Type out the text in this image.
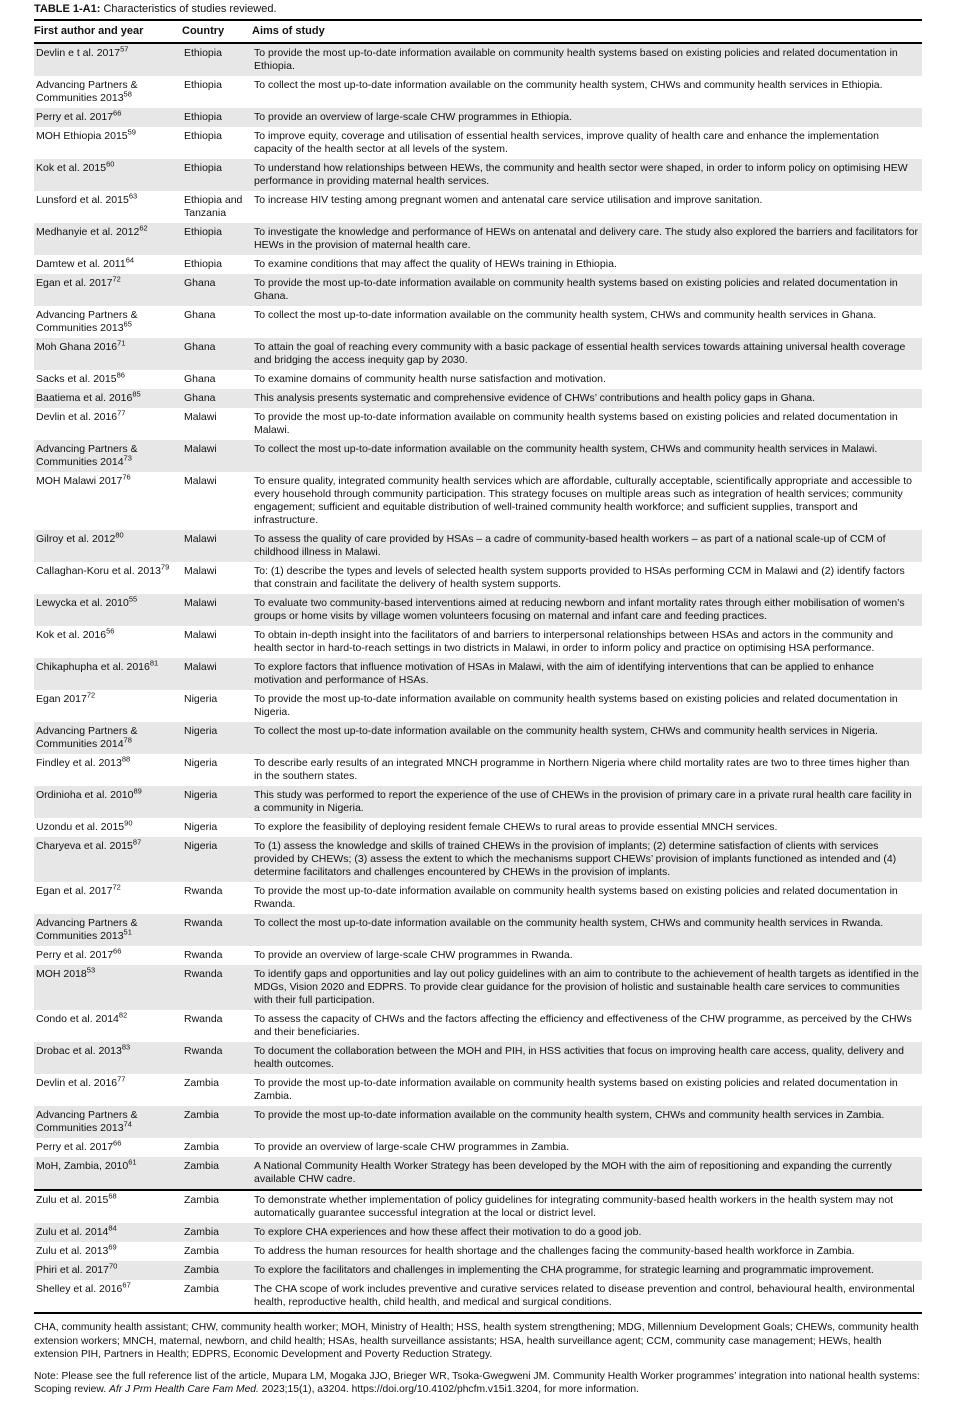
TABLE 1-A1: Characteristics of studies reviewed.

First author and year	Country	Aims of study
Devlin e t al. 2017$^{57}$	Ethiopia	To provide the most up-to-date information available on community health systems based on existing policies and related documentation in Ethiopia.
Advancing Partners & Communities 2013$^{58}$	Ethiopia	To collect the most up-to-date information available on the community health system, CHWs and community health services in Ethiopia.
Perry et al. 2017$^{66}$	Ethiopia	To provide an overview of large-scale CHW programmes in Ethiopia.
MOH Ethiopia 2015$^{59}$	Ethiopia	To improve equity, coverage and utilisation of essential health services, improve quality of health care and enhance the implementation capacity of the health sector at all levels of the system.
Kok et al. 2015$^{60}$	Ethiopia	To understand how relationships between HEWs, the community and health sector were shaped, in order to inform policy on optimising HEW performance in providing maternal health services.
Lunsford et al. 2015$^{63}$	Ethiopia and Tanzania	To increase HIV testing among pregnant women and antenatal care service utilisation and improve sanitation.
Medhanyie et al. 2012$^{62}$	Ethiopia	To investigate the knowledge and performance of HEWs on antenatal and delivery care. The study also explored the barriers and facilitators for HEWs in the provision of maternal health care.
Damtew et al. 2011$^{64}$	Ethiopia	To examine conditions that may affect the quality of HEWs training in Ethiopia.
Egan et al. 2017$^{72}$	Ghana	To provide the most up-to-date information available on community health systems based on existing policies and related documentation in Ghana.
Advancing Partners & Communities 2013$^{65}$	Ghana	To collect the most up-to-date information available on the community health system, CHWs and community health services in Ghana.
Moh Ghana 2016$^{71}$	Ghana	To attain the goal of reaching every community with a basic package of essential health services towards attaining universal health coverage and bridging the access inequity gap by 2030.
Sacks et al. 2015$^{86}$	Ghana	To examine domains of community health nurse satisfaction and motivation.
Baatiema et al. 2016$^{85}$	Ghana	This analysis presents systematic and comprehensive evidence of CHWs’ contributions and health policy gaps in Ghana.
Devlin et al. 2016$^{77}$	Malawi	To provide the most up-to-date information available on community health systems based on existing policies and related documentation in Malawi.
Advancing Partners & Communities 2014$^{73}$	Malawi	To collect the most up-to-date information available on the community health system, CHWs and community health services in Malawi.
MOH Malawi 2017$^{76}$	Malawi	To ensure quality, integrated community health services which are affordable, culturally acceptable, scientifically appropriate and accessible to every household through community participation. This strategy focuses on multiple areas such as integration of health services; community engagement; sufficient and equitable distribution of well-trained community health workforce; and sufficient supplies, transport and infrastructure.
Gilroy et al. 2012$^{80}$	Malawi	To assess the quality of care provided by HSAs – a cadre of community-based health workers – as part of a national scale-up of CCM of childhood illness in Malawi.
Callaghan-Koru et al. 2013$^{79}$	Malawi	To: (1) describe the types and levels of selected health system supports provided to HSAs performing CCM in Malawi and (2) identify factors that constrain and facilitate the delivery of health system supports.
Lewycka et al. 2010$^{55}$	Malawi	To evaluate two community-based interventions aimed at reducing newborn and infant mortality rates through either mobilisation of women’s groups or home visits by village women volunteers focusing on maternal and infant care and feeding practices.
Kok et al. 2016$^{56}$	Malawi	To obtain in-depth insight into the facilitators of and barriers to interpersonal relationships between HSAs and actors in the community and health sector in hard-to-reach settings in two districts in Malawi, in order to inform policy and practice on optimising HSA performance.
Chikaphupha et al. 2016$^{81}$	Malawi	To explore factors that influence motivation of HSAs in Malawi, with the aim of identifying interventions that can be applied to enhance motivation and performance of HSAs.
Egan 2017$^{72}$	Nigeria	To provide the most up-to-date information available on community health systems based on existing policies and related documentation in Nigeria.
Advancing Partners & Communities 2014$^{78}$	Nigeria	To collect the most up-to-date information available on the community health system, CHWs and community health services in Nigeria.
Findley et al. 2013$^{88}$	Nigeria	To describe early results of an integrated MNCH programme in Northern Nigeria where child mortality rates are two to three times higher than in the southern states.
Ordinioha et al. 2010$^{89}$	Nigeria	This study was performed to report the experience of the use of CHEWs in the provision of primary care in a private rural health care facility in a community in Nigeria.
Uzondu et al. 2015$^{90}$	Nigeria	To explore the feasibility of deploying resident female CHEWs to rural areas to provide essential MNCH services.
Charyeva et al. 2015$^{87}$	Nigeria	To (1) assess the knowledge and skills of trained CHEWs in the provision of implants; (2) determine satisfaction of clients with services provided by CHEWs; (3) assess the extent to which the mechanisms support CHEWs’ provision of implants functioned as intended and (4) determine facilitators and challenges encountered by CHEWs in the provision of implants.
Egan et al. 2017$^{72}$	Rwanda	To provide the most up-to-date information available on community health systems based on existing policies and related documentation in Rwanda.
Advancing Partners & Communities 2013$^{51}$	Rwanda	To collect the most up-to-date information available on the community health system, CHWs and community health services in Rwanda.
Perry et al. 2017$^{66}$	Rwanda	To provide an overview of large-scale CHW programmes in Rwanda.
MOH 2018$^{53}$	Rwanda	To identify gaps and opportunities and lay out policy guidelines with an aim to contribute to the achievement of health targets as identified in the MDGs, Vision 2020 and EDPRS. To provide clear guidance for the provision of holistic and sustainable health care services to communities with their full participation.
Condo et al. 2014$^{82}$	Rwanda	To assess the capacity of CHWs and the factors affecting the efficiency and effectiveness of the CHW programme, as perceived by the CHWs and their beneficiaries.
Drobac et al. 2013$^{83}$	Rwanda	To document the collaboration between the MOH and PIH, in HSS activities that focus on improving health care access, quality, delivery and health outcomes.
Devlin et al. 2016$^{77}$	Zambia	To provide the most up-to-date information available on community health systems based on existing policies and related documentation in Zambia.
Advancing Partners & Communities 2013$^{74}$	Zambia	To provide the most up-to-date information available on the community health system, CHWs and community health services in Zambia.
Perry et al. 2017$^{66}$	Zambia	To provide an overview of large-scale CHW programmes in Zambia.
MoH, Zambia, 2010$^{61}$	Zambia	A National Community Health Worker Strategy has been developed by the MOH with the aim of repositioning and expanding the currently available CHW cadre.
Zulu et al. 2015$^{68}$	Zambia	To demonstrate whether implementation of policy guidelines for integrating community-based health workers in the health system may not automatically guarantee successful integration at the local or district level.
Zulu et al. 2014$^{84}$	Zambia	To explore CHA experiences and how these affect their motivation to do a good job.
Zulu et al. 2013$^{69}$	Zambia	To address the human resources for health shortage and the challenges facing the community-based health workforce in Zambia.
Phiri et al. 2017$^{70}$	Zambia	To explore the facilitators and challenges in implementing the CHA programme, for strategic learning and programmatic improvement.
Shelley et al. 2016$^{67}$	Zambia	The CHA scope of work includes preventive and curative services related to disease prevention and control, behavioural health, environmental health, reproductive health, child health, and medical and surgical conditions.

CHA, community health assistant; CHW, community health worker; MOH, Ministry of Health; HSS, health system strengthening; MDG, Millennium Development Goals; CHEWs, community health extension workers; MNCH, maternal, newborn, and child health; HSAs, health surveillance assistants; HSA, health surveillance agent; CCM, community case management; HEWs, health extension PIH, Partners in Health; EDPRS, Economic Development and Poverty Reduction Strategy.

Note: Please see the full reference list of the article, Mupara LM, Mogaka JJO, Brieger WR, Tsoka-Gwegweni JM. Community Health Worker programmes’ integration into national health systems: Scoping review. Afr J Prm Health Care Fam Med. 2023;15(1), a3204. https://doi.org/10.4102/phcfm.v15i1.3204, for more information.
